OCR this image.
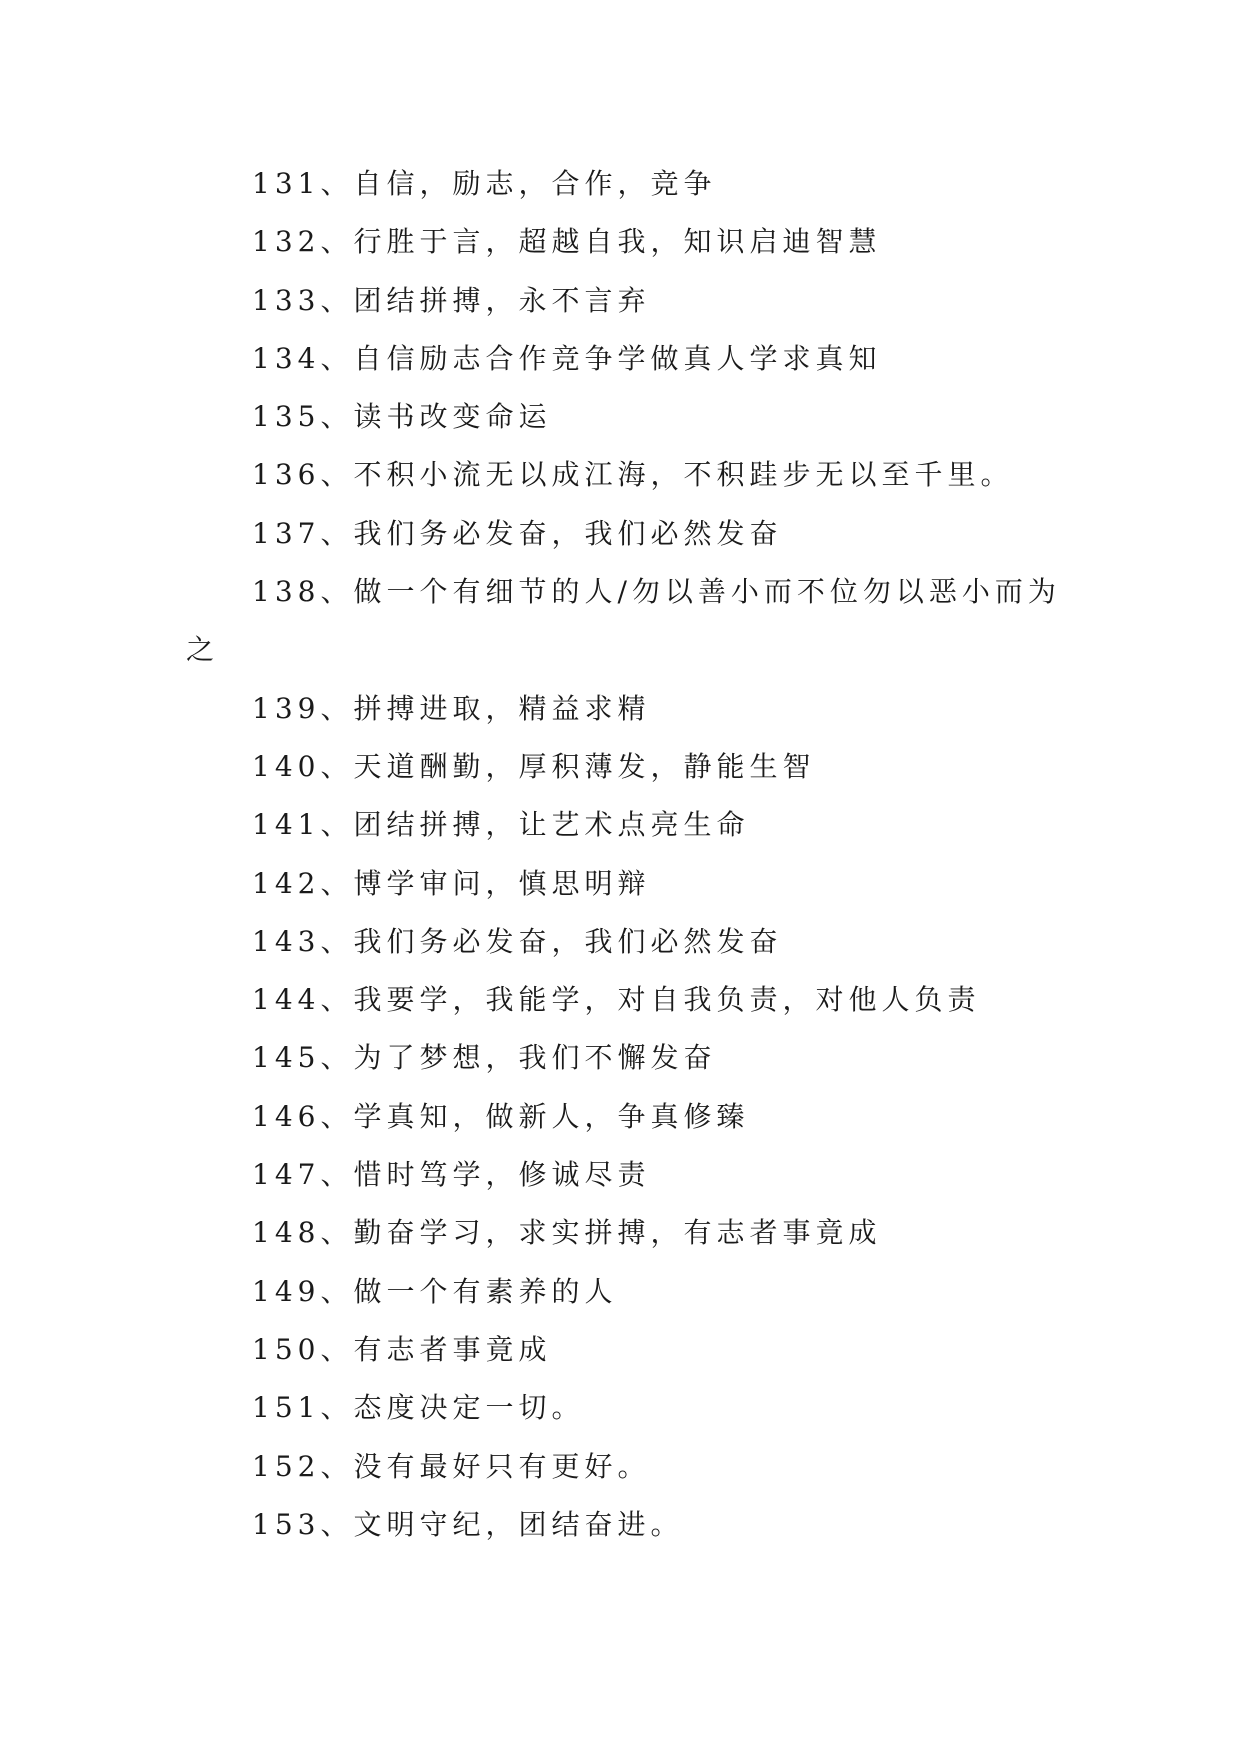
131、自信，励志，合作，竞争

132、行胜于言，超越自我，知识启迪智慧

133、团结拼搏，永不言弃

134、自信励志合作竞争学做真人学求真知

135、读书改变命运

136、不积小流无以成江海，不积跬步无以至千里。

137、我们务必发奋，我们必然发奋

138、做一个有细节的人/勿以善小而不位勿以恶小而为之

139、拼搏进取，精益求精

140、天道酬勤，厚积薄发，静能生智

141、团结拼搏，让艺术点亮生命

142、博学审问，慎思明辩

143、我们务必发奋，我们必然发奋

144、我要学，我能学，对自我负责，对他人负责

145、为了梦想，我们不懈发奋

146、学真知，做新人，争真修臻

147、惜时笃学，修诚尽责

148、勤奋学习，求实拼搏，有志者事竟成

149、做一个有素养的人

150、有志者事竟成

151、态度决定一切。

152、没有最好只有更好。

153、文明守纪，团结奋进。
